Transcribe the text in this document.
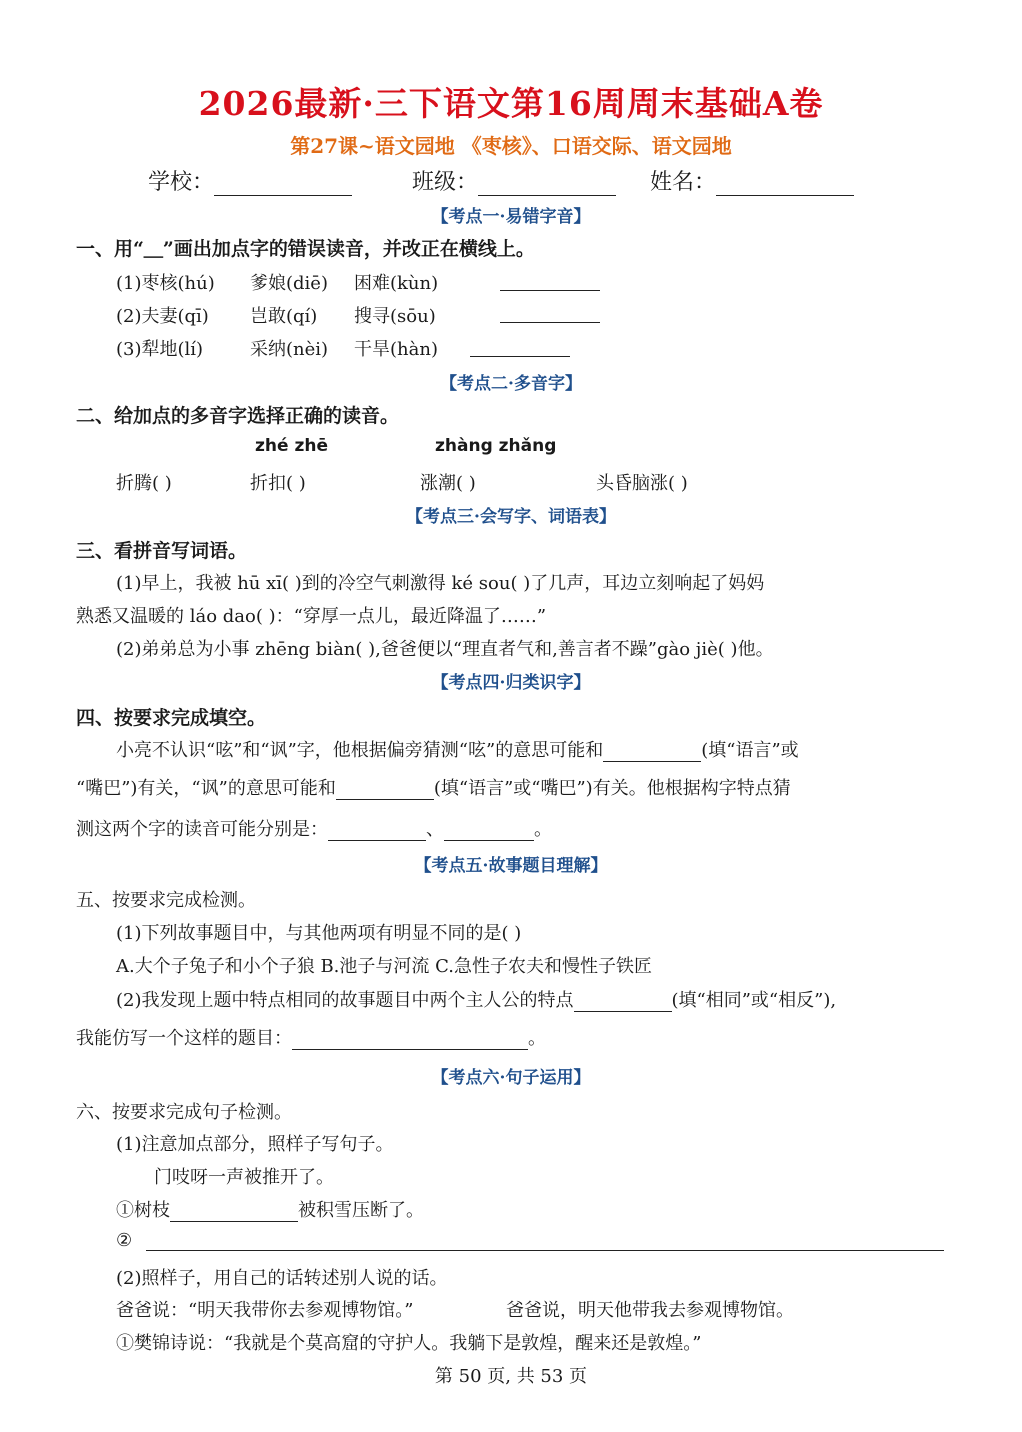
2026最新·三下语文第16周周末基础A卷
第27课~语文园地 《枣核》、口语交际、语文园地
学校：	班级：	姓名：
【考点一·易错字音】
一、用“＿”画出加点字的错误读音，并改正在横线上。
(1)枣核(hú) 爹娘(diē) 困难(kùn)
(2)夫妻(qī) 岂敢(qí) 搜寻(sōu)
(3)犁地(lí)	采纳(nèi) 干旱(hàn)
【考点二·多音字】
二、给加点的多音字选择正确的读音。
zhé zhē	zhàng zhǎng
折腾( )	折扣( )	涨潮( )	头昏脑涨( )
【考点三·会写字、词语表】
三、看拼音写词语。
(1)早上，我被 hū xī( )到的冷空气刺激得 ké sou( )了几声，耳边立刻响起了妈妈
熟悉又温暖的 láo dao( )：“穿厚一点儿，最近降温了……”
(2)弟弟总为小事 zhēng biàn( ),爸爸便以“理直者气和,善言者不躁”gào jiè( )他。
【考点四·归类识字】
四、按要求完成填空。
小亮不认识“呟”和“讽”字，他根据偏旁猜测“呟”的意思可能和	(填“语言”或
“嘴巴”)有关，“讽”的意思可能和	(填“语言”或“嘴巴”)有关。他根据构字特点猜
测这两个字的读音可能分别是：	、	。
【考点五·故事题目理解】
五、按要求完成检测。
(1)下列故事题目中，与其他两项有明显不同的是( )
A.大个子兔子和小个子狼 B.池子与河流 C.急性子农夫和慢性子铁匠
(2)我发现上题中特点相同的故事题目中两个主人公的特点	(填“相同”或“相反”),
我能仿写一个这样的题目：	。
【考点六·句子运用】
六、按要求完成句子检测。
(1)注意加点部分，照样子写句子。
门吱呀一声被推开了。
①树枝	被积雪压断了。
②
(2)照样子，用自己的话转述别人说的话。
爸爸说：“明天我带你去参观博物馆。”	爸爸说，明天他带我去参观博物馆。
①樊锦诗说：“我就是个莫高窟的守护人。我躺下是敦煌，醒来还是敦煌。”
第 50 页, 共 53 页
